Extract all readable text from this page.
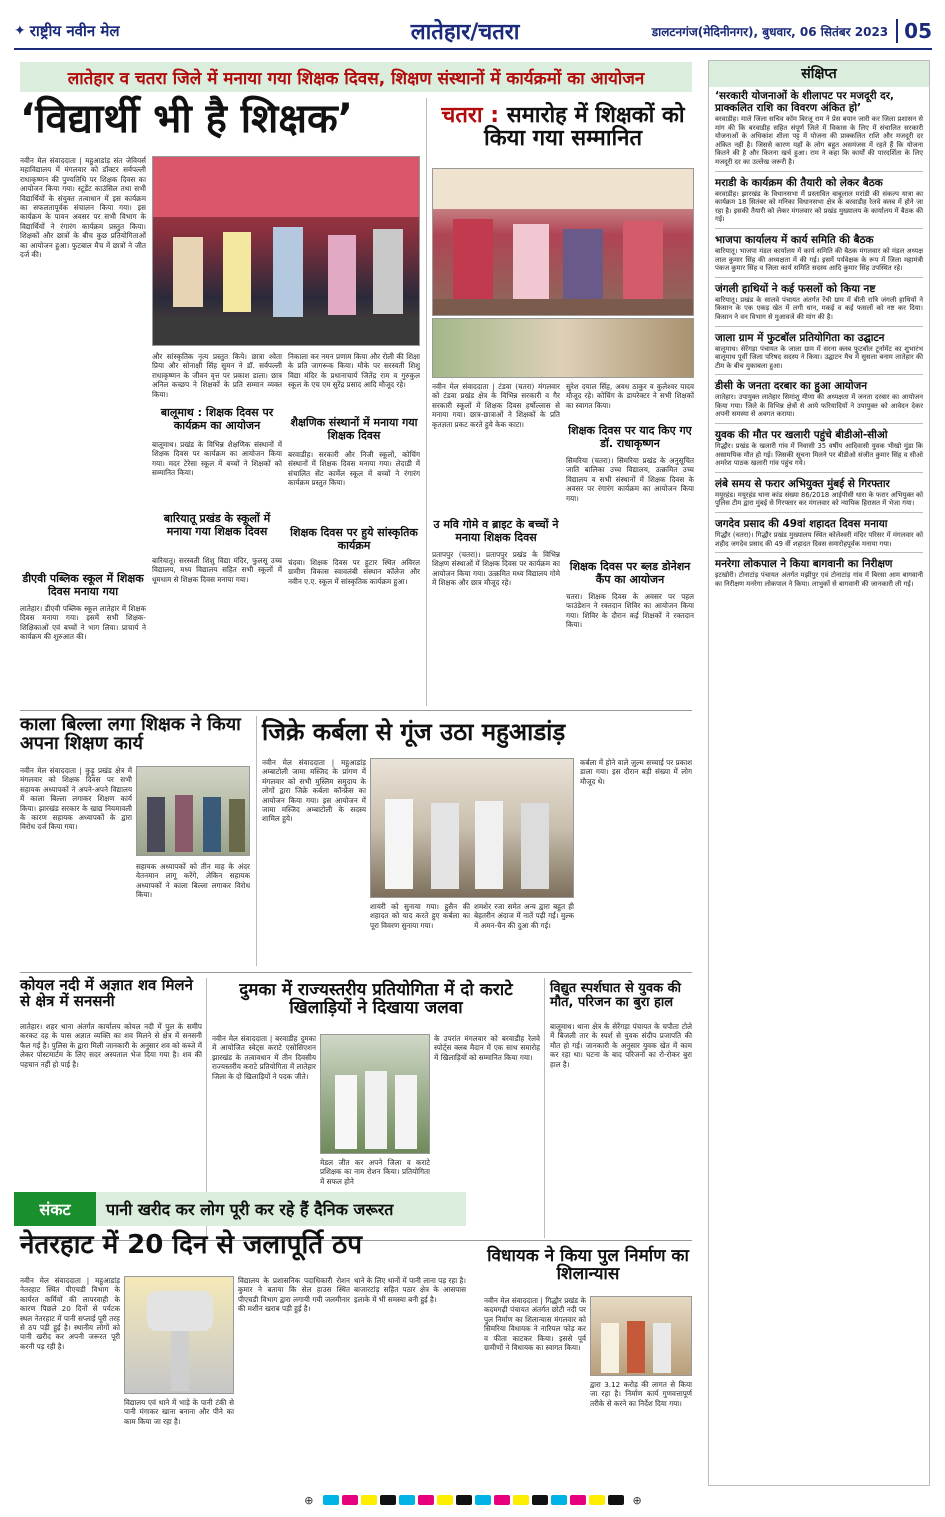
✦ राष्ट्रीय नवीन मेल	लातेहार/चतरा	डालटनगंज(मेदिनीनगर), बुधवार, 06 सितंबर 2023 05
लातेहार व चतरा जिले में मनाया गया शिक्षक दिवस, शिक्षण संस्थानों में कार्यक्रमों का आयोजन
‘विद्यार्थी भी है शिक्षक’
नवीन मेल संवाददाता | महुआडांड़ संत जेवियर्स महाविद्यालय में मंगलवार को डॉक्टर सर्वपल्ली राधाकृष्णन की पुण्यतिथि पर शिक्षक दिवस का आयोजन किया गया। स्टूडेंट काउंसिल तथा सभी विद्यार्थियों के संयुक्त तत्वाधान में इस कार्यक्रम का सफलतापूर्वक संचालन किया गया। इस कार्यक्रम के पावन अवसर पर सभी विभाग के विद्यार्थियों ने रंगारंग कार्यक्रम प्रस्तुत किया। शिक्षकों और छात्रों के बीच कुछ प्रतियोगिताओं का आयोजन हुआ। फुटबाल मैच में छात्रों ने जीत दर्ज की।
और सांस्कृतिक नृत्य प्रस्तुत किये। छात्रा श्वेता प्रिया और सोनाक्षी सिंह सुमन ने डॉ. सर्वपल्ली राधाकृष्णन के जीवन वृत्त पर प्रकाश डाला। छात्र अनिल कच्छप ने शिक्षकों के प्रति सम्मान व्यक्त किया।
बालूमाथ : शिक्षक दिवस पर कार्यक्रम का आयोजन
बालूमाथ। प्रखंड के विभिन्न शैक्षणिक संस्थानों में शिक्षक दिवस पर कार्यक्रम का आयोजन किया गया। मदर टेरेसा स्कूल में बच्चों ने शिक्षकों को सम्मानित किया।
बारियातू प्रखंड के स्कूलों में मनाया गया शिक्षक दिवस
बारियातू। सरस्वती शिशु विद्या मंदिर, फुलसू उच्च विद्यालय, मध्य विद्यालय सहित सभी स्कूलों में धूमधाम से शिक्षक दिवस मनाया गया।
निकाला कर नमन प्रणाम किया और रोली की शिक्षा के प्रति जागरूक किया। मौके पर सरस्वती शिशु विद्या मंदिर के प्रधानाचार्य जितेंद्र राम व गुरुकुल स्कूल के एच एम सुरेंद्र प्रसाद आदि मौजूद रहे।
शैक्षणिक संस्थानों में मनाया गया शिक्षक दिवस
बरवाडीह। सरकारी और निजी स्कूलों, कोचिंग संस्थानों में शिक्षक दिवस मनाया गया। लेदाडी में संचालित सेंट कार्मेल स्कूल में बच्चों ने रंगारंग कार्यक्रम प्रस्तुत किया।
शिक्षक दिवस पर हुये सांस्कृतिक कार्यक्रम
चंदवा। शिक्षक दिवस पर हुटार स्थित अविरल ग्रामीण विकास स्वावलंबी संस्थान कॉलेज और नवीन ए.ए. स्कूल में सांस्कृतिक कार्यक्रम हुआ।
डीएवी पब्लिक स्कूल में शिक्षक दिवस मनाया गया
लातेहार। डीएवी पब्लिक स्कूल लातेहार में शिक्षक दिवस मनाया गया। इसमें सभी शिक्षक-शिक्षिकाओं एवं बच्चों ने भाग लिया। प्राचार्य ने कार्यक्रम की शुरुआत की।
चतरा : समारोह में शिक्षकों को किया गया सम्मानित
नवीन मेल संवाददाता | टंडवा (चतरा) मंगलवार को टंडवा प्रखंड क्षेत्र के विभिन्न सरकारी व गैर सरकारी स्कूलों में शिक्षक दिवस हर्षोल्लास से मनाया गया। छात्र-छात्राओं ने शिक्षकों के प्रति कृतज्ञता प्रकट करते हुये केक काटा।
सुरेश दयाल सिंह, अवध ठाकुर व कुलेश्वर यादव मौजूद रहे। कोचिंग के डायरेक्टर ने सभी शिक्षकों का स्वागत किया।
शिक्षक दिवस पर याद किए गए डॉ. राधाकृष्णन
सिमरिया (चतरा)। सिमरिया प्रखंड के अनुसूचित जाति बालिका उच्च विद्यालय, उत्क्रमित उच्च विद्यालय व सभी संस्थानों में शिक्षक दिवस के अवसर पर रंगारंग कार्यक्रम का आयोजन किया गया।
उ मवि गोमे व ब्राइट के बच्चों ने मनाया शिक्षक दिवस
प्रतापपुर (चतरा)। प्रतापपुर प्रखंड के विभिन्न शिक्षण संस्थाओं में शिक्षक दिवस पर कार्यक्रम का आयोजन किया गया। उत्क्रमित मध्य विद्यालय गोमे में शिक्षक और छात्र मौजूद रहे।
शिक्षक दिवस पर ब्लड डोनेशन कैंप का आयोजन
चतरा। शिक्षक दिवस के अवसर पर पहल फाउंडेशन ने रक्तदान शिविर का आयोजन किया गया। शिविर के दौरान कई शिक्षकों ने रक्तदान किया।
काला बिल्ला लगा शिक्षक ने किया अपना शिक्षण कार्य
नवीन मेल संवाददाता | कुड़ू प्रखंड क्षेत्र में मंगलवार को शिक्षक दिवस पर सभी सहायक अध्यापकों ने अपने-अपने विद्यालय में काला बिल्ला लगाकर शिक्षण कार्य किया। झारखंड सरकार के खाद्य नियमावली के कारण सहायक अध्यापकों के द्वारा विरोध दर्ज किया गया।
सहायक अध्यापकों को तीन माह के अंदर वेतनमान लागू करेंगे, लेकिन सहायक अध्यापकों ने काला बिल्ला लगाकर विरोध किया।
जिक्रे कर्बला से गूंज उठा महुआडांड़
नवीन मेल संवाददाता | महुआडांड़ अम्बाटोली जामा मस्जिद के प्रांगण में मंगलवार को सभी मुस्लिम समुदाय के लोगों द्वारा जिक्रे कर्बला कॉन्फ्रेंस का आयोजन किया गया। इस आयोजन में जामा मस्जिद अम्बाटोली के सदस्य शामिल हुये।
शायरी को सुनाया गया। हुसैन की शहादत को याद करते हुए कर्बला का पूरा विवरण सुनाया गया।
शमशेर रजा समेत अन्य द्वारा बहुत ही बेहतरीन अंदाज में नातें पढ़ी गईं। मुल्क में अमन-चैन की दुआ की गई।
कर्बला में होने वाले ज़ुल्म सच्चाई पर प्रकाश डाला गया। इस दौरान बड़ी संख्या में लोग मौजूद थे।
कोयल नदी में अज्ञात शव मिलने से क्षेत्र में सनसनी
लातेहार। शहर थाना अंतर्गत कार्यालय कोयल नदी में पुल के समीप करकट दह के पास अज्ञात व्यक्ति का शव मिलने से क्षेत्र में सनसनी फैल गई है। पुलिस के द्वारा मिली जानकारी के अनुसार शव को कब्जे में लेकर पोस्टमार्टम के लिए सदर अस्पताल भेज दिया गया है। शव की पहचान नहीं हो पाई है।
दुमका में राज्यस्तरीय प्रतियोगिता में दो कराटे खिलाड़ियों ने दिखाया जलवा
नवीन मेल संवाददाता | बरवाडीह दुमका में आयोजित स्वेट्स कराटे एसोसिएशन झारखंड के तत्वावधान में तीन दिवसीय राज्यस्तरीय कराटे प्रतियोगिता में लातेहार जिला के दो खिलाड़ियों ने पदक जीते।
मेडल जीत कर अपने जिला व कराटे प्रशिक्षक का नाम रोशन किया। प्रतियोगिता में सफल होने
के उपरांत मंगलवार को बरवाडीह रेलवे स्पोर्ट्स क्लब मैदान में एक साथ समारोह में खिलाड़ियों को सम्मानित किया गया।
विद्युत स्पर्शघात से युवक की मौत, परिजन का बुरा हाल
बालूमाथ। थाना क्षेत्र के सेरेंगड़ा पंचायत के चपौता टोले में बिजली तार के स्पर्श से युवक संदीप प्रजापति की मौत हो गई। जानकारी के अनुसार युवक खेत में काम कर रहा था। घटना के बाद परिजनों का रो-रोकर बुरा हाल है।
विधायक ने किया पुल निर्माण का शिलान्यास
नवीन मेल संवाददाता | गिद्धौर प्रखंड के कदमगढ़ी पंचायत अंतर्गत छोटी नदी पर पुल निर्माण का शिलान्यास मंगलवार को सिमरिया विधायक ने नारियल फोड़ कर व फीता काटकर किया। इससे पूर्व ग्रामीणों ने विधायक का स्वागत किया।
द्वारा 3.12 करोड़ की लागत से किया जा रहा है। निर्माण कार्य गुणवत्तापूर्ण तरीके से करने का निर्देश दिया गया।
संकट	पानी खरीद कर लोग पूरी कर रहे हैं दैनिक जरूरत
नेतरहाट में 20 दिन से जलापूर्ति ठप
नवीन मेल संवाददाता | महुआडांड़ नेतरहाट स्थित पीएचडी विभाग के कार्यरत कर्मियों की लापरवाही के कारण पिछले 20 दिनों से पर्यटक स्थल नेतरहाट में पानी सप्लाई पूरी तरह से ठप पड़ी हुई है। स्थानीय लोगों को पानी खरीद कर अपनी जरूरत पूरी करनी पड़ रही है।
विद्यालय के प्रशासनिक पदाधिकारी रोशन कुमार ने बताया कि सेल हाउस स्थित पीएचडी विभाग द्वारा लगायी गयी जलमीनार की मशीन खराब पड़ी हुई है।
विद्यालय एवं थाने में भाड़े के पानी टंकी से पानी मंगाकर खाना बनाना और पीने का काम किया जा रहा है।
थाने के लिए थानों में पानी लाना पड़ रहा है। बाजारटांड़ सहित पठार क्षेत्र के आसपास इलाके में भी समस्या बनी हुई है।
संक्षिप्त
‘सरकारी योजनाओं के शीलापट पर मजदूरी दर, प्राक्कलित राशि का विवरण अंकित हो’
बरवाडीह। माले जिला सचिव कॉम बिरजू राम ने प्रेस बयान जारी कर जिला प्रशासन से मांग की कि बरवाडीह सहित संपूर्ण जिले में विकास के लिए में संचालित सरकारी योजनाओं के अधिकांश शीला पट्ट में योजना की प्राक्कलित राशि और मजदूरी दर अंकित नहीं है। जिससे कारण यहाँ के लोग बहुत असमंजस में रहते हैं कि योजना कितने की है और कितना खर्च हुआ। राम ने कहा कि कार्यों की पारदर्शिता के लिए मजदूरी दर का उल्लेख जरूरी है।
मराडी के कार्यक्रम की तैयारी को लेकर बैठक
बरवाडीह। झारखंड के विधानसभा में प्रस्तावित बाबूलाल मरांडी की संकल्प यात्रा का कार्यक्रम 18 सितंबर को मनिका विधानसभा क्षेत्र के बरवाडीह रेलवे क्लब में होने जा रहा है। इसकी तैयारी को लेकर मंगलवार को प्रखंड मुख्यालय के कार्यालय में बैठक की गई।
भाजपा कार्यालय में कार्य समिति की बैठक
बारियातू। भाजपा मंडल कार्यालय में कार्य समिति की बैठक मंगलवार को मंडल अध्यक्ष लाल कुमार सिंह की अध्यक्षता में की गई। इसमें पर्यवेक्षक के रूप में जिला महामंत्री पंकज कुमार सिंह व जिला कार्य समिति सदस्य आदि कुमार सिंह उपस्थित रहे।
जंगली हाथियों ने कई फसलों को किया नष्ट
बारियातू। प्रखंड के सालवे पंचायत अंतर्गत रेंची ग्राम में बीती रात्रि जंगली हाथियों ने किसान के एक एकड़ खेत में लगी धान, मकई व कई फसलों को नष्ट कर दिया। किसान ने वन विभाग से मुआवजे की मांग की है।
जाला ग्राम में फुटबॉल प्रतियोगिता का उद्घाटन
बालूमाथ। सेरेंगड़ा पंचायत के जाला ग्राम में सरना क्लब फुटबॉल टूर्नामेंट का शुभारंभ बालूमाथ पूर्वी जिला परिषद सदस्य ने किया। उद्घाटन मैच में सुसला बनाम लातेहार की टीम के बीच मुकाबला हुआ।
डीसी के जनता दरबार का हुआ आयोजन
लातेहार। उपायुक्त लातेहार सिमांशु मीणा की अध्यक्षता में जनता दरबार का आयोजन किया गया। जिले के विभिन्न क्षेत्रों से आये फरियादियों ने उपायुक्त को आवेदन देकर अपनी समस्या से अवगत कराया।
युवक की मौत पर खलारी पहुंचे बीडीओ-सीओ
गिद्धौर। प्रखंड के खलारी गांव में निवासी 35 वर्षीय आदिवासी युवक भीखो मुंडा कि असामयिक मौत हो गई। जिसकी सूचना मिलने पर बीडीओ संजीत कुमार सिंह व सीओ अमरेश पाठक खलारी गांव पहुंच गये।
लंबे समय से फरार अभियुक्त मुंबई से गिरफ्तार
मयूरहंड। मयूरहंड थाना कांड संख्या 86/2018 आईपीसी धारा के फरार अभियुक्त को पुलिस टीम द्वारा मुंबई से गिरफ्तार कर मंगलवार को न्यायिक हिरासत में भेजा गया।
जगदेव प्रसाद की 49वां शहादत दिवस मनाया
गिद्धौर (चतरा)। गिद्धौर प्रखंड मुख्यालय स्थित कोलेश्वरी मंदिर परिसर में मंगलवार को शहीद जगदेव प्रसाद की 49 वीं शहादत दिवस समारोहपूर्वक मनाया गया।
मनरेगा लोकपाल ने किया बागवानी का निरीक्षण
इटखोरी। टोनाटांड़ पंचायत अंतर्गत मझीपुर एवं टोनाटांड़ गांव में बिरसा आम बागवानी का निरीक्षण मनरेगा लोकपाल ने किया। लाभुकों से बागवानी की जानकारी ली गई।
⊕	⊕
